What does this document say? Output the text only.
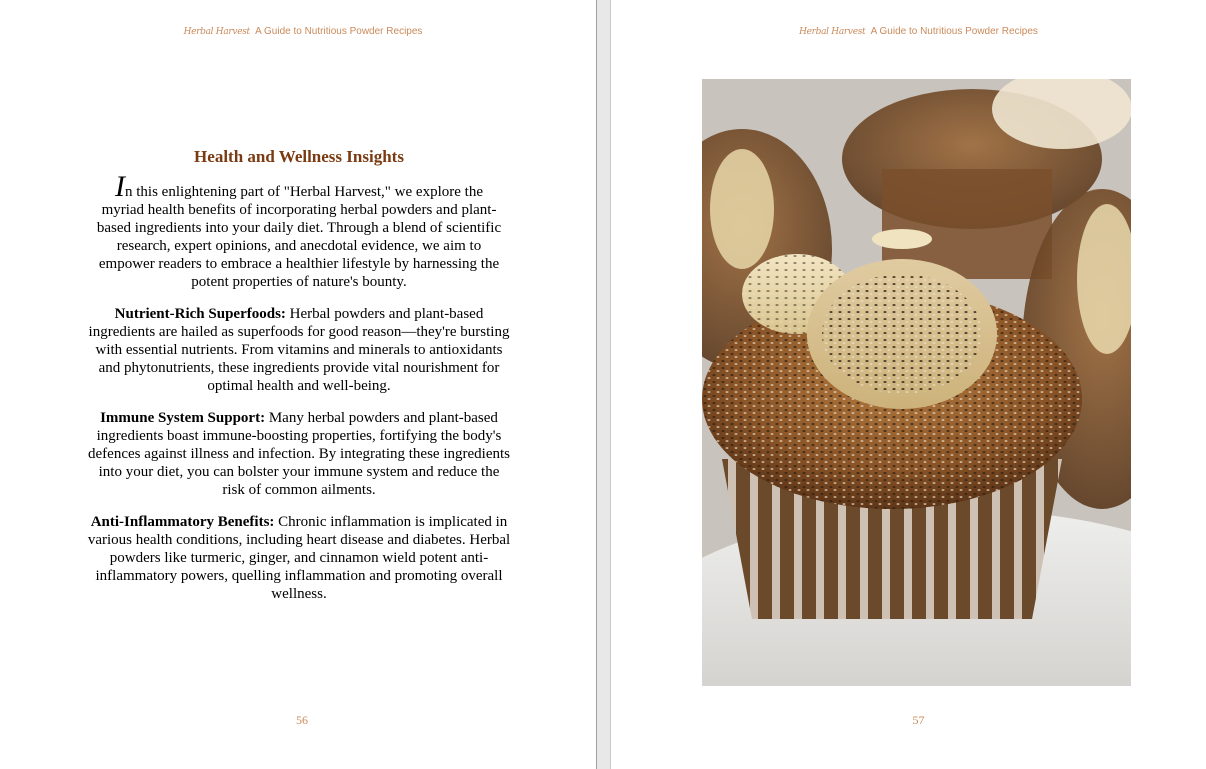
Herbal Harvest A Guide to Nutritious Powder Recipes
Health and Wellness Insights

In this enlightening part of "Herbal Harvest," we explore the myriad health benefits of incorporating herbal powders and plant-based ingredients into your daily diet. Through a blend of scientific research, expert opinions, and anecdotal evidence, we aim to empower readers to embrace a healthier lifestyle by harnessing the potent properties of nature's bounty.

Nutrient-Rich Superfoods: Herbal powders and plant-based ingredients are hailed as superfoods for good reason—they're bursting with essential nutrients. From vitamins and minerals to antioxidants and phytonutrients, these ingredients provide vital nourishment for optimal health and well-being.

Immune System Support: Many herbal powders and plant-based ingredients boast immune-boosting properties, fortifying the body's defences against illness and infection. By integrating these ingredients into your diet, you can bolster your immune system and reduce the risk of common ailments.

Anti-Inflammatory Benefits: Chronic inflammation is implicated in various health conditions, including heart disease and diabetes. Herbal powders like turmeric, ginger, and cinnamon wield potent anti-inflammatory powers, quelling inflammation and promoting overall wellness.

56
Herbal Harvest A Guide to Nutritious Powder Recipes
57
